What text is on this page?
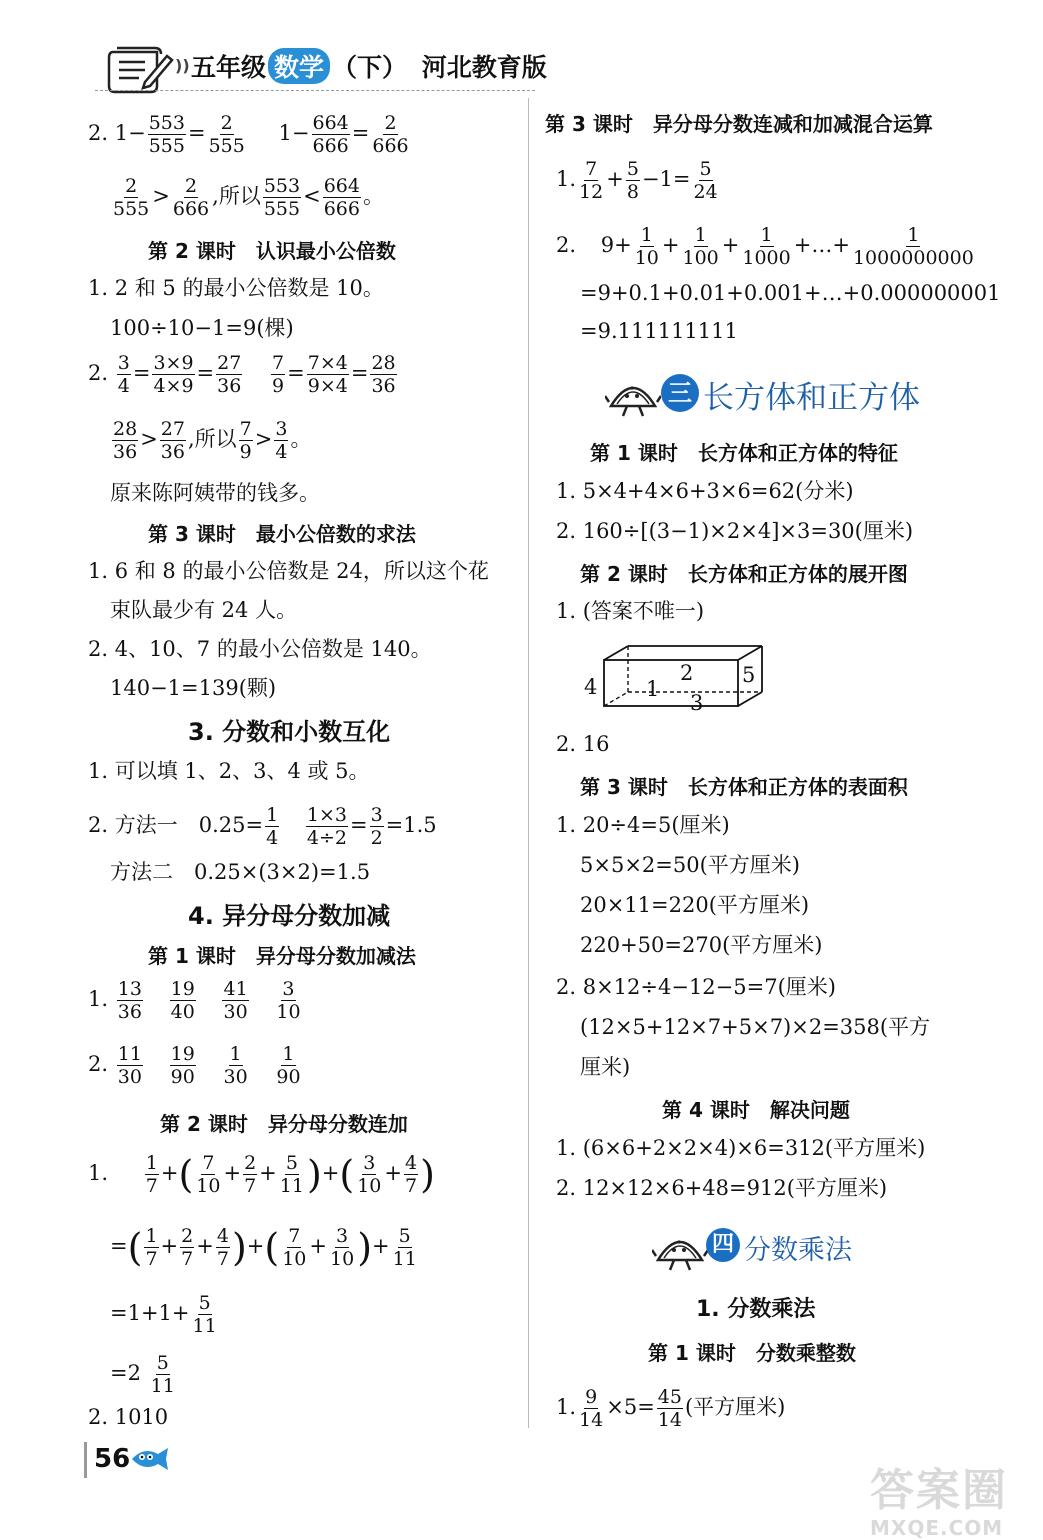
)) 五年级 数学 （下） 河北教育版
2. $1- \frac{553}{555} = \frac{2}{555} 1- \frac{664}{666} = \frac{2}{666}$
$\frac{2}{555} > \frac{2}{666}$ ,所以 $\frac{553}{555} < \frac{664}{666}$ 。
第 2 课时　认识最小公倍数
1. 2 和 5 的最小公倍数是 10。
100÷10−1=9(棵)
2. $\frac{3}{4} = \frac{3\times 9}{4\times 9} = \frac{27}{36}$
$\frac{7}{9} = \frac{7\times 4}{9\times 4} = \frac{28}{36}$
$\frac{28}{36} > \frac{27}{36}$ ,所以 $\frac{7}{9} > \frac{3}{4}$ 。
原来陈阿姨带的钱多。
第 3 课时　最小公倍数的求法
1. 6 和 8 的最小公倍数是 24，所以这个花
束队最少有 24 人。
2. 4、10、7 的最小公倍数是 140。
140−1=139(颗)
3. 分数和小数互化
1. 可以填 1、2、3、4 或 5。
2. 方法一　$0.25= \frac{1}{4}$
$\frac{1\times 3}{4\div 2} = \frac{3}{2} =1.5$
方法二　0.25×(3×2)=1.5
4. 异分母分数加减
第 1 课时　异分母分数加减法
1. $\frac{13}{36}$
$\frac{19}{40}$
$\frac{41}{30}$
$\frac{3}{10}$
2. $\frac{11}{30}$
$\frac{19}{90}$
$\frac{1}{30}$
$\frac{1}{90}$
第 2 课时　异分母分数连加
1. $\frac{1}{7}$ +( $\frac{7}{10} + \frac{2}{7} + \frac{5}{11}$ )+( $\frac{3}{10} + \frac{4}{7}$ )
=( $\frac{1}{7} + \frac{2}{7} + \frac{4}{7}$ )+( $\frac{7}{10} + \frac{3}{10}$ )+ $\frac{5}{11}$
$=1+1+ \frac{5}{11}$
$=2 \frac{5}{11}$
2. 1010
第 3 课时　异分母分数连减和加减混合运算
1. $\frac{7}{12} + \frac{5}{8} -1= \frac{5}{24}$
2. $9+ \frac{1}{10} + \frac{1}{100} + \frac{1}{1000}$ +…+ $\frac{1}{1000000000}$
=9+0.1+0.01+0.001+…+0.000000001
=9.111111111
三 长方体和正方体
第 1 课时　长方体和正方体的特征
1. 5×4+4×6+3×6=62(分米)
2. 160÷[(3−1)×2×4]×3=30(厘米)
第 2 课时　长方体和正方体的展开图
1. (答案不唯一)
4 1
2
3
5
2. 16
第 3 课时　长方体和正方体的表面积
1. 20÷4=5(厘米)
5×5×2=50(平方厘米)
20×11=220(平方厘米)
220+50=270(平方厘米)
2. 8×12÷4−12−5=7(厘米)
(12×5+12×7+5×7)×2=358(平方
厘米)
第 4 课时　解决问题
1. (6×6+2×2×4)×6=312(平方厘米)
2. 12×12×6+48=912(平方厘米)
四 分数乘法
1. 分数乘法
第 1 课时　分数乘整数
1. $\frac{9}{14} \times 5= \frac{45}{14}$ (平方厘米)
56
答案圈
MXQE.COM
